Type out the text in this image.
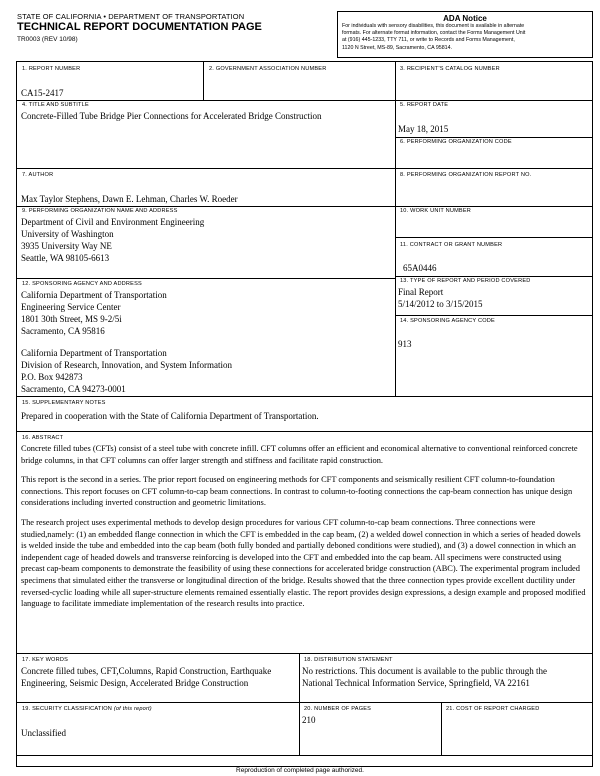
STATE OF CALIFORNIA • DEPARTMENT OF TRANSPORTATION
TECHNICAL REPORT DOCUMENTATION PAGE
TR0003 (REV 10/98)
ADA Notice
For individuals with sensory disabilities, this document is available in alternate
formats. For alternate format information, contact the Forms Management Unit
at (916) 445-1233, TTY 711, or write to Records and Forms Management,
1120 N Street, MS-89, Sacramento, CA 95814.
1. REPORT NUMBER
CA15-2417
2. GOVERNMENT ASSOCIATION NUMBER	3. RECIPIENT'S CATALOG NUMBER
4. TITLE AND SUBTITLE
Concrete-Filled Tube Bridge Pier Connections for Accelerated Bridge Construction
5. REPORT DATE
May 18, 2015
6. PERFORMING ORGANIZATION CODE
7. AUTHOR
Max Taylor Stephens, Dawn E. Lehman, Charles W. Roeder
8. PERFORMING ORGANIZATION REPORT NO.
9. PERFORMING ORGANIZATION NAME AND ADDRESS
Department of Civil and Environment Engineering
University of Washington
3935 University Way NE
Seattle, WA 98105-6613
10. WORK UNIT NUMBER
11. CONTRACT OR GRANT NUMBER
65A0446
12. SPONSORING AGENCY AND ADDRESS
California Department of Transportation
Engineering Service Center
1801 30th Street, MS 9-2/5i
Sacramento, CA 95816
California Department of Transportation
Division of Research, Innovation, and System Information
P.O. Box 942873
Sacramento, CA 94273-0001
13. TYPE OF REPORT AND PERIOD COVERED
Final Report
5/14/2012 to 3/15/2015
14. SPONSORING AGENCY CODE
913
15. SUPPLEMENTARY NOTES
Prepared in cooperation with the State of California Department of Transportation.
16. ABSTRACT

Concrete filled tubes (CFTs) consist of a steel tube with concrete infill. CFT columns offer an efficient and economical alternative to conventional reinforced concrete bridge columns, in that CFT columns can offer larger strength and stiffness and facilitate rapid construction.

This report is the second in a series. The prior report focused on engineering methods for CFT components and seismically resilient CFT column-to-foundation connections. This report focuses on CFT column-to-cap beam connections. In contrast to column-to-footing connections the cap-beam connection has unique design considerations including inverted construction and geometric limitations.

The research project uses experimental methods to develop design procedures for various CFT column-to-cap beam connections. Three connections were studied,namely: (1) an embedded flange connection in which the CFT is embedded in the cap beam, (2) a welded dowel connection in which a series of headed dowels is welded inside the tube and embedded into the cap beam (both fully bonded and partially deboned conditions were studied), and (3) a dowel connection in which an independent cage of headed dowels and transverse reinforcing is developed into the CFT and embedded into the cap beam. All specimens were constructed using precast cap-beam components to demonstrate the feasibility of using these connections for accelerated bridge construction (ABC). The experimental program included specimens that simulated either the transverse or longitudinal direction of the bridge. Results showed that the three connection types provide excellent ductility under reversed-cyclic loading while all super-structure elements remained essentially elastic. The report provides design expressions, a design example and proposed modified language to facilitate immediate implementation of the research results into practice.

17. KEY WORDS
Concrete filled tubes, CFT,Columns, Rapid Construction, Earthquake
Engineering, Seismic Design, Accelerated Bridge Construction
18. DISTRIBUTION STATEMENT
No restrictions. This document is available to the public through the
National Technical Information Service, Springfield, VA 22161
19. SECURITY CLASSIFICATION (of this report)
Unclassified
20. NUMBER OF PAGES
210
21. COST OF REPORT CHARGED
Reproduction of completed page authorized.
